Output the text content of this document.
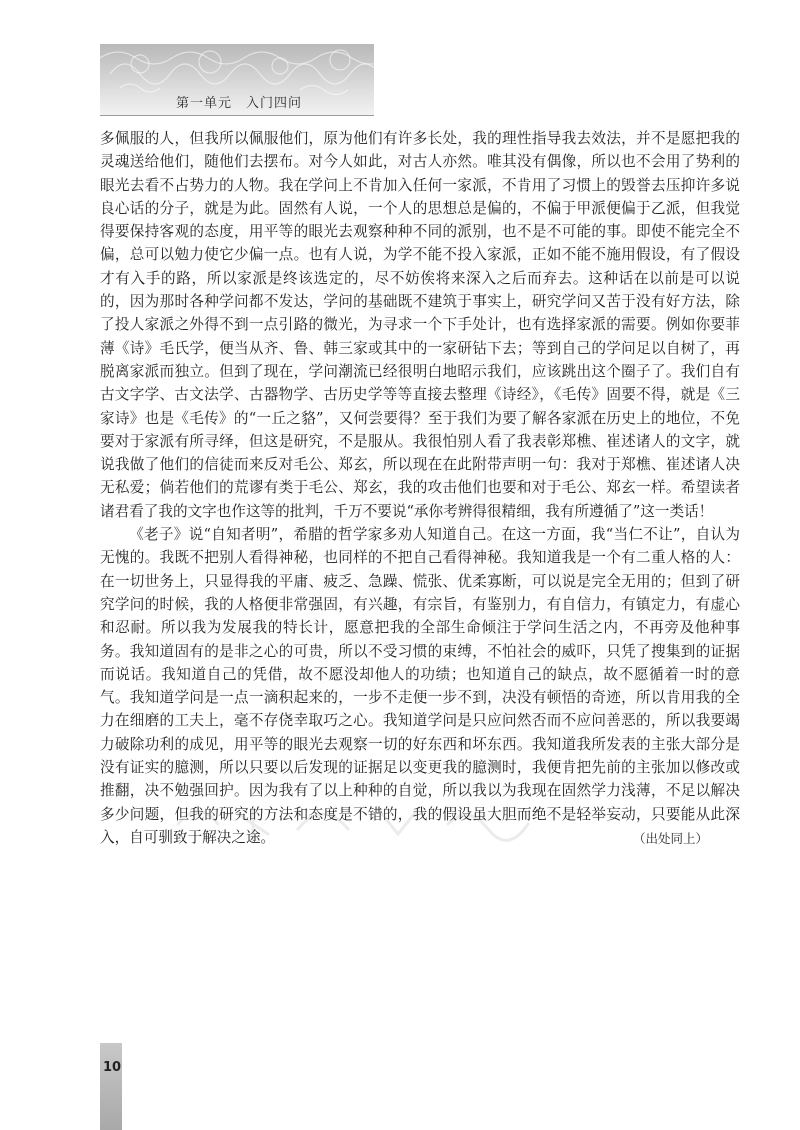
第一单元　入门四问

多佩服的人，但我所以佩服他们，原为他们有许多长处，我的理性指导我去效法，并不是愿把我的灵魂送给他们，随他们去摆布。对今人如此，对古人亦然。唯其没有偶像，所以也不会用了势利的眼光去看不占势力的人物。我在学问上不肯加入任何一家派，不肯用了习惯上的毁誉去压抑许多说良心话的分子，就是为此。固然有人说，一个人的思想总是偏的，不偏于甲派便偏于乙派，但我觉得要保持客观的态度，用平等的眼光去观察种种不同的派别，也不是不可能的事。即使不能完全不偏，总可以勉力使它少偏一点。也有人说，为学不能不投入家派，正如不能不施用假设，有了假设才有入手的路，所以家派是终该选定的，尽不妨俟将来深入之后而弃去。这种话在以前是可以说的，因为那时各种学问都不发达，学问的基础既不建筑于事实上，研究学问又苦于没有好方法，除了投人家派之外得不到一点引路的微光，为寻求一个下手处计，也有选择家派的需要。例如你要菲薄《诗》毛氏学，便当从齐、鲁、韩三家或其中的一家研钻下去；等到自己的学问足以自树了，再脱离家派而独立。但到了现在，学问潮流已经很明白地昭示我们，应该跳出这个圈子了。我们自有古文字学、古文法学、古器物学、古历史学等等直接去整理《诗经》，《毛传》固要不得，就是《三家诗》也是《毛传》的“一丘之貉”，又何尝要得？至于我们为要了解各家派在历史上的地位，不免要对于家派有所寻绎，但这是研究，不是服从。我很怕别人看了我表彰郑樵、崔述诸人的文字，就说我做了他们的信徒而来反对毛公、郑玄，所以现在在此附带声明一句：我对于郑樵、崔述诸人决无私爱；倘若他们的荒谬有类于毛公、郑玄，我的攻击他们也要和对于毛公、郑玄一样。希望读者诸君看了我的文字也作这等的批判，千万不要说“承你考辨得很精细，我有所遵循了”这一类话！

《老子》说“自知者明”，希腊的哲学家多劝人知道自己。在这一方面，我“当仁不让”，自认为无愧的。我既不把别人看得神秘，也同样的不把自己看得神秘。我知道我是一个有二重人格的人：在一切世务上，只显得我的平庸、疲乏、急躁、慌张、优柔寡断，可以说是完全无用的；但到了研究学问的时候，我的人格便非常强固，有兴趣，有宗旨，有鉴别力，有自信力，有镇定力，有虚心和忍耐。所以我为发展我的特长计，愿意把我的全部生命倾注于学问生活之内，不再旁及他种事务。我知道固有的是非之心的可贵，所以不受习惯的束缚，不怕社会的威吓，只凭了搜集到的证据而说话。我知道自己的凭借，故不愿没却他人的功绩；也知道自己的缺点，故不愿循着一时的意气。我知道学问是一点一滴积起来的，一步不走便一步不到，决没有顿悟的奇迹，所以肯用我的全力在细磨的工夫上，毫不存侥幸取巧之心。我知道学问是只应问然否而不应问善恶的，所以我要竭力破除功利的成见，用平等的眼光去观察一切的好东西和坏东西。我知道我所发表的主张大部分是没有证实的臆测，所以只要以后发现的证据足以变更我的臆测时，我便肯把先前的主张加以修改或推翻，决不勉强回护。因为我有了以上种种的自觉，所以我以为我现在固然学力浅薄，不足以解决多少问题，但我的研究的方法和态度是不错的，我的假设虽大胆而绝不是轻举妄动，只要能从此深入，自可驯致于解决之途。	（出处同上）
10
